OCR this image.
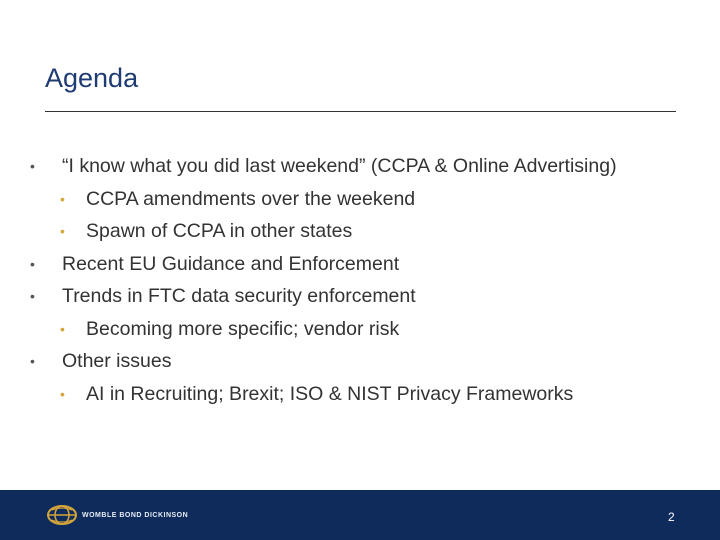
Agenda
• “I know what you did last weekend” (CCPA & Online Advertising)
• CCPA amendments over the weekend
• Spawn of CCPA in other states
• Recent EU Guidance and Enforcement
• Trends in FTC data security enforcement
• Becoming more specific; vendor risk
• Other issues
• AI in Recruiting; Brexit; ISO & NIST Privacy Frameworks
WOMBLE BOND DICKINSON	2
